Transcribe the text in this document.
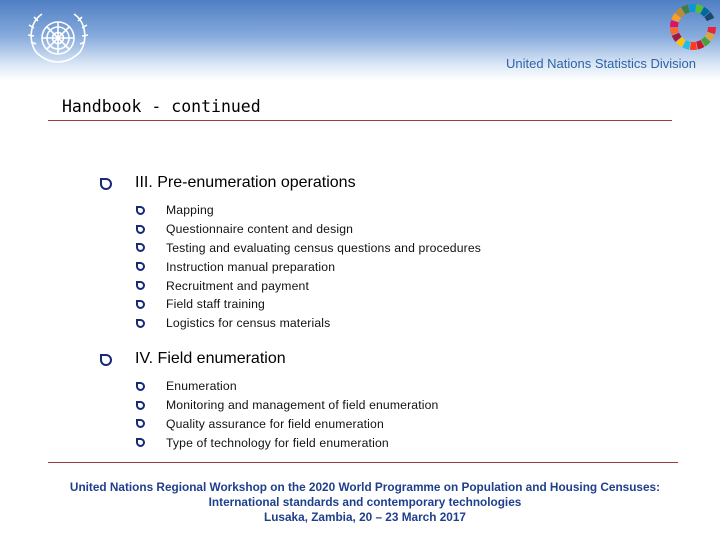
United Nations Statistics Division
Handbook - continued
III. Pre-enumeration operations
Mapping
Questionnaire content and design
Testing and evaluating census questions and procedures
Instruction manual preparation
Recruitment and payment
Field staff training
Logistics for census materials
IV. Field enumeration
Enumeration
Monitoring and management of field enumeration
Quality assurance for field enumeration
Type of technology for field enumeration
United Nations Regional Workshop on the 2020 World Programme on Population and Housing Censuses:
International standards and contemporary technologies
Lusaka, Zambia, 20 – 23 March 2017
